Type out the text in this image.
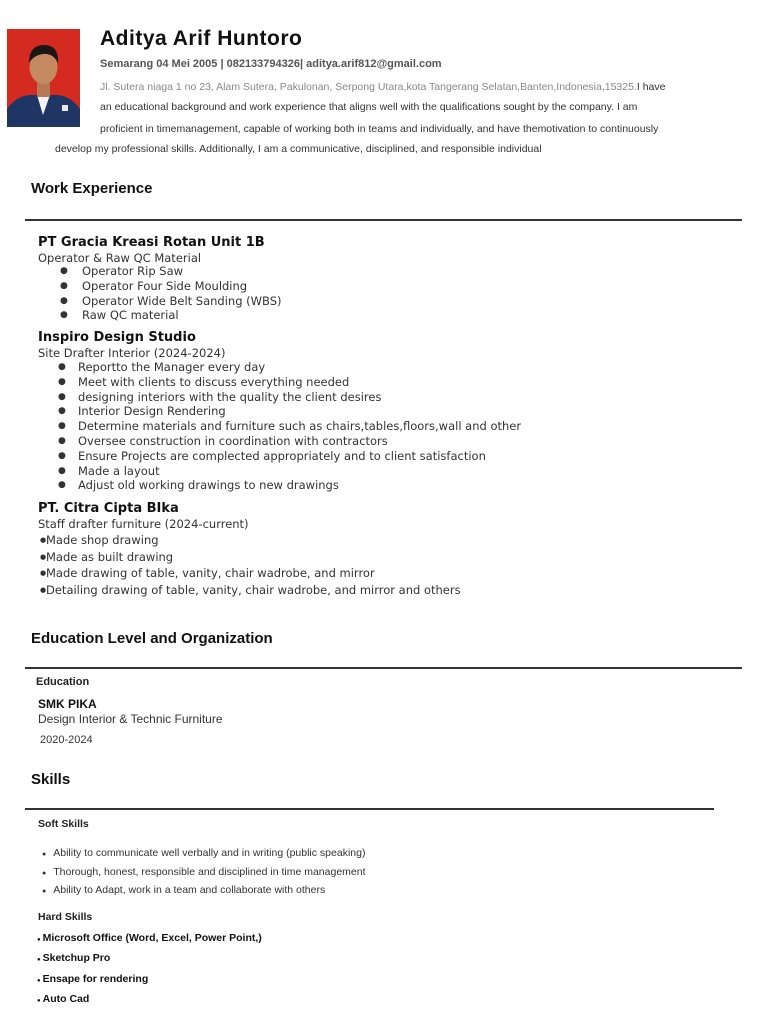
Aditya Arif Huntoro
Semarang 04 Mei 2005 | 082133794326| aditya.arif812@gmail.com
Jl. Sutera niaga 1 no 23, Alam Sutera, Pakulonan, Serpong Utara,kota Tangerang Selatan,Banten,Indonesia,15325.I have
an educational background and work experience that aligns well with the qualifications sought by the company. I am
proficient in timemanagement, capable of working both in teams and individually, and have themotivation to continuously
develop my professional skills. Additionally, I am a communicative, disciplined, and responsible individual
Work Experience
PT Gracia Kreasi Rotan Unit 1B
Operator & Raw QC Material
● Operator Rip Saw
● Operator Four Side Moulding
● Operator Wide Belt Sanding (WBS)
● Raw QC material
Inspiro Design Studio
Site Drafter Interior (2024-2024)
● Reportto the Manager every day
● Meet with clients to discuss everything needed
● designing interiors with the quality the client desires
● Interior Design Rendering
● Determine materials and furniture such as chairs,tables,floors,wall and other
● Oversee construction in coordination with contractors
● Ensure Projects are complected appropriately and to client satisfaction
● Made a layout
● Adjust old working drawings to new drawings
PT. Citra Cipta BIka
Staff drafter furniture (2024-current)
● Made shop drawing
● Made as built drawing
● Made drawing of table, vanity, chair wadrobe, and mirror
● Detailing drawing of table, vanity, chair wadrobe, and mirror and others
Education Level and Organization
Education
SMK PIKA
Design Interior & Technic Furniture
2020-2024
Skills
Soft Skills
● Ability to communicate well verbally and in writing (public speaking)
● Thorough, honest, responsible and disciplined in time management
● Ability to Adapt, work in a team and collaborate with others
Hard Skills
● Microsoft Office (Word, Excel, Power Point,)
● Sketchup Pro
● Ensape for rendering
● Auto Cad
